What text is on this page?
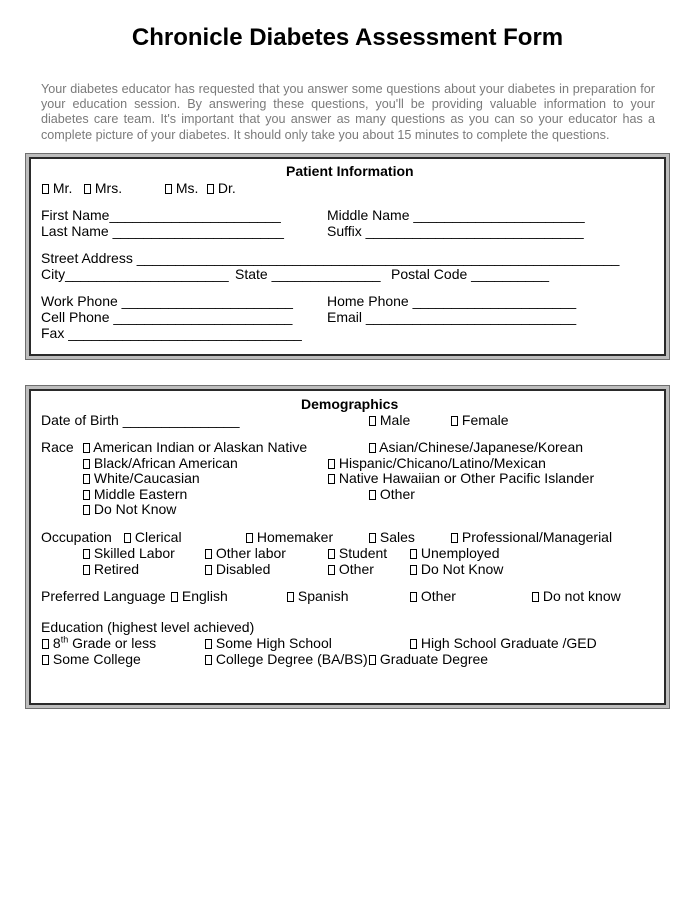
Chronicle Diabetes Assessment Form

Your diabetes educator has requested that you answer some questions about your diabetes in preparation for your education session. By answering these questions, you'll be providing valuable information to your diabetes care team. It's important that you answer as many questions as you can so your educator has a complete picture of your diabetes. It should only take you about 15 minutes to complete the questions.

Patient Information
Mr.	Mrs.	Ms.	Dr.
First Name______________________	Middle Name ______________________
Last Name ______________________	Suffix ____________________________
Street Address ______________________________________________________________
City_____________________ State ______________ Postal Code __________
Work Phone ______________________ Home Phone _____________________
Cell Phone _______________________ Email ___________________________
Fax ______________________________
Demographics
Date of Birth _______________	Male	Female
Race	American Indian or Alaskan Native	Asian/Chinese/Japanese/Korean
Black/African American	Hispanic/Chicano/Latino/Mexican
White/Caucasian	Native Hawaiian or Other Pacific Islander
Middle Eastern	Other
Do Not Know
Occupation	Clerical	Homemaker	Sales	Professional/Managerial
Skilled Labor	Other labor	Student	Unemployed
Retired	Disabled	Other	Do Not Know
Preferred Language	English	Spanish	Other	Do not know
Education (highest level achieved)
8th Grade or less	Some High School	High School Graduate /GED
Some College	College Degree (BA/BS) Graduate Degree
